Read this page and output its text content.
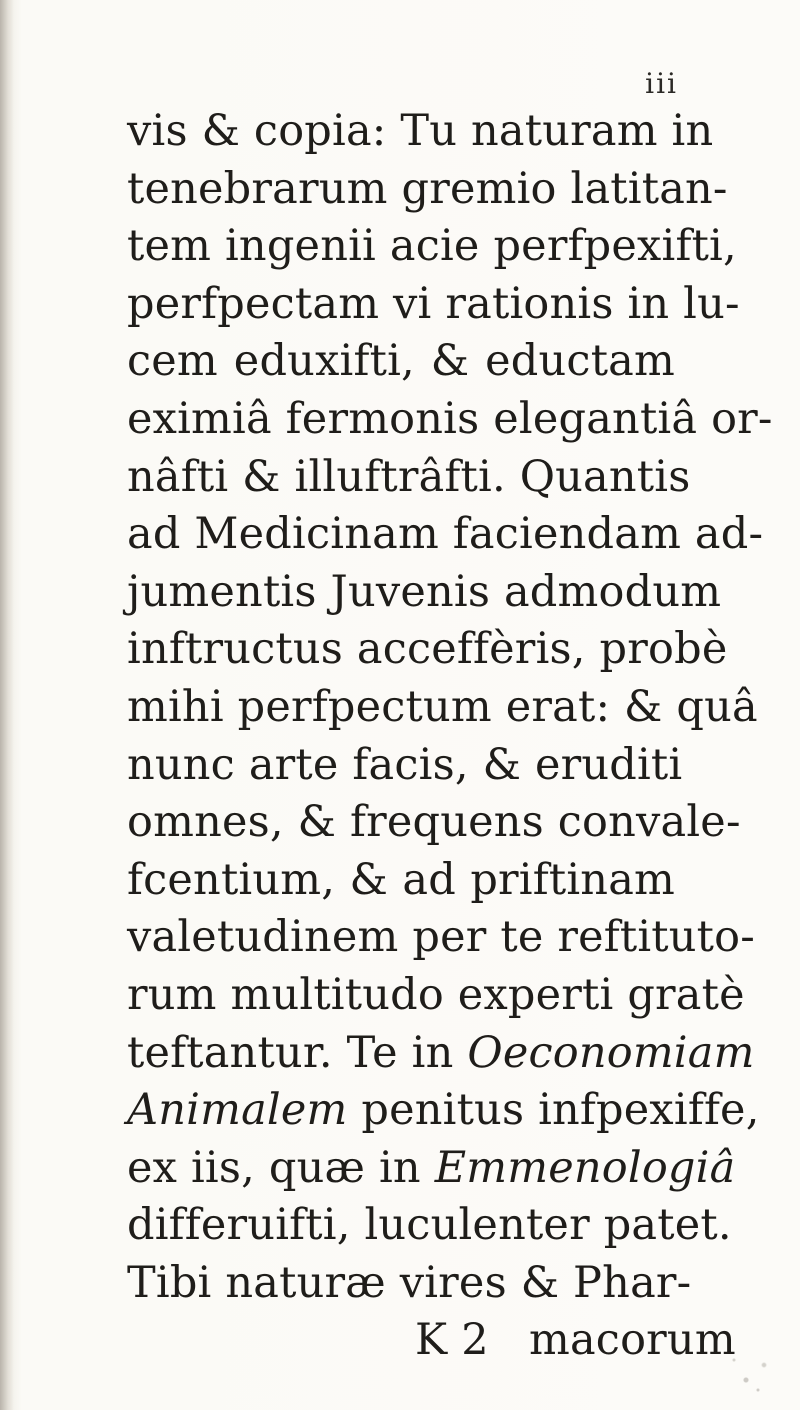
iii
vis & copia: Tu naturam in
tenebrarum gremio latitan-
tem ingenii acie perfpexifti,
perfpectam vi rationis in lu-
cem eduxifti, & eductam
eximiâ fermonis elegantiâ or-
nâfti & illuftrâfti. Quantis
ad Medicinam faciendam ad-
jumentis Juvenis admodum
inftructus acceffèris, probè
mihi perfpectum erat: & quâ
nunc arte facis, & eruditi
omnes, & frequens convale-
fcentium, & ad priftinam
valetudinem per te reftituto-
rum multitudo experti gratè
teftantur. Te in Oeconomiam
Animalem penitus infpexiffe,
ex iis, quæ in Emmenologiâ
differuifti, luculenter patet.
Tibi naturæ vires & Phar-
K 2 macorum
